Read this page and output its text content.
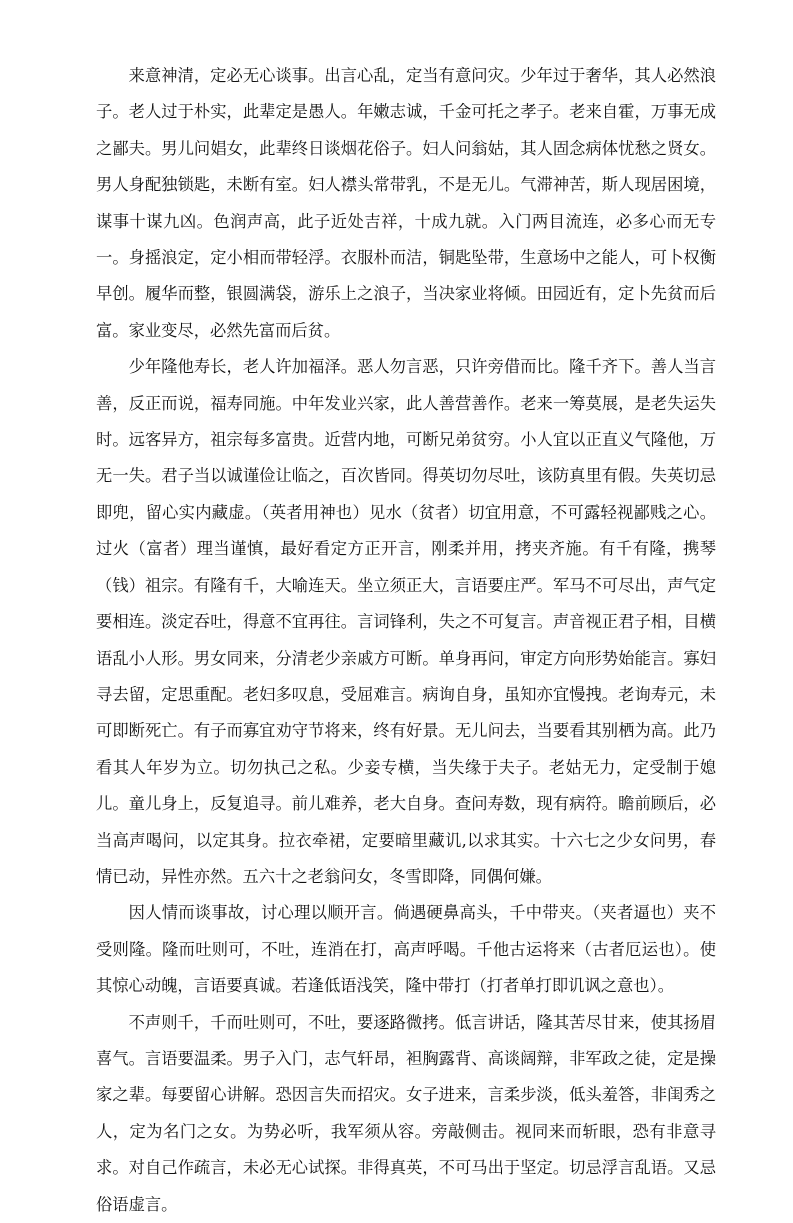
来意神清，定必无心谈事。出言心乱，定当有意问灾。少年过于奢华，其人必然浪子。老人过于朴实，此辈定是愚人。年嫩志诚，千金可托之孝子。老来自霍，万事无成之鄙夫。男儿问娼女，此辈终日谈烟花俗子。妇人问翁姑，其人固念病体忧愁之贤女。男人身配独锁匙，未断有室。妇人襟头常带乳，不是无儿。气滞神苦，斯人现居困境，谋事十谋九凶。色润声高，此子近处吉祥，十成九就。入门两目流连，必多心而无专一。身摇浪定，定小相而带轻浮。衣服朴而洁，铜匙坠带，生意场中之能人，可卜权衡早创。履华而整，银圆满袋，游乐上之浪子，当决家业将倾。田园近有，定卜先贫而后富。家业变尽，必然先富而后贫。

少年隆他寿长，老人许加福泽。恶人勿言恶，只许旁借而比。隆千齐下。善人当言善，反正而说，福寿同施。中年发业兴家，此人善营善作。老来一筹莫展，是老失运失时。远客异方，祖宗每多富贵。近营内地，可断兄弟贫穷。小人宜以正直义气隆他，万无一失。君子当以诚谨俭让临之，百次皆同。得英切勿尽吐，该防真里有假。失英切忌即兜，留心实内藏虚。（英者用神也）见水（贫者）切宜用意，不可露轻视鄙贱之心。过火（富者）理当谨慎，最好看定方正开言，刚柔并用，拷夹齐施。有千有隆，携琴（钱）祖宗。有隆有千，大喻连天。坐立须正大，言语要庄严。军马不可尽出，声气定要相连。淡定吞吐，得意不宜再往。言词锋利，失之不可复言。声音视正君子相，目横语乱小人形。男女同来，分清老少亲戚方可断。单身再问，审定方向形势始能言。寡妇寻去留，定思重配。老妇多叹息，受屈难言。病询自身，虽知亦宜慢拽。老询寿元，未可即断死亡。有子而寡宜劝守节将来，终有好景。无儿问去，当要看其别栖为高。此乃看其人年岁为立。切勿执己之私。少妾专横，当失缘于夫子。老姑无力，定受制于媳儿。童儿身上，反复追寻。前儿难养，老大自身。查问寿数，现有病符。瞻前顾后，必当高声喝问，以定其身。拉衣牵裙，定要暗里藏讥,以求其实。十六七之少女问男，春情已动，异性亦然。五六十之老翁问女，冬雪即降，同偶何嫌。

因人情而谈事故，讨心理以顺开言。倘遇硬鼻高头，千中带夹。（夹者逼也）夹不受则隆。隆而吐则可，不吐，连消在打，高声呼喝。千他古运将来（古者厄运也）。使其惊心动魄，言语要真诚。若逢低语浅笑，隆中带打（打者单打即讥讽之意也）。

不声则千，千而吐则可，不吐，要逐路微拷。低言讲话，隆其苦尽甘来，使其扬眉喜气。言语要温柔。男子入门，志气轩昂，袒胸露背、高谈阔辩，非军政之徒，定是操家之辈。每要留心讲解。恐因言失而招灾。女子进来，言柔步淡，低头羞答，非闺秀之人，定为名门之女。为势必听，我军须从容。旁敲侧击。视同来而斩眼，恐有非意寻求。对自己作疏言，未必无心试探。非得真英，不可马出于坚定。切忌浮言乱语。又忌俗语虚言。
